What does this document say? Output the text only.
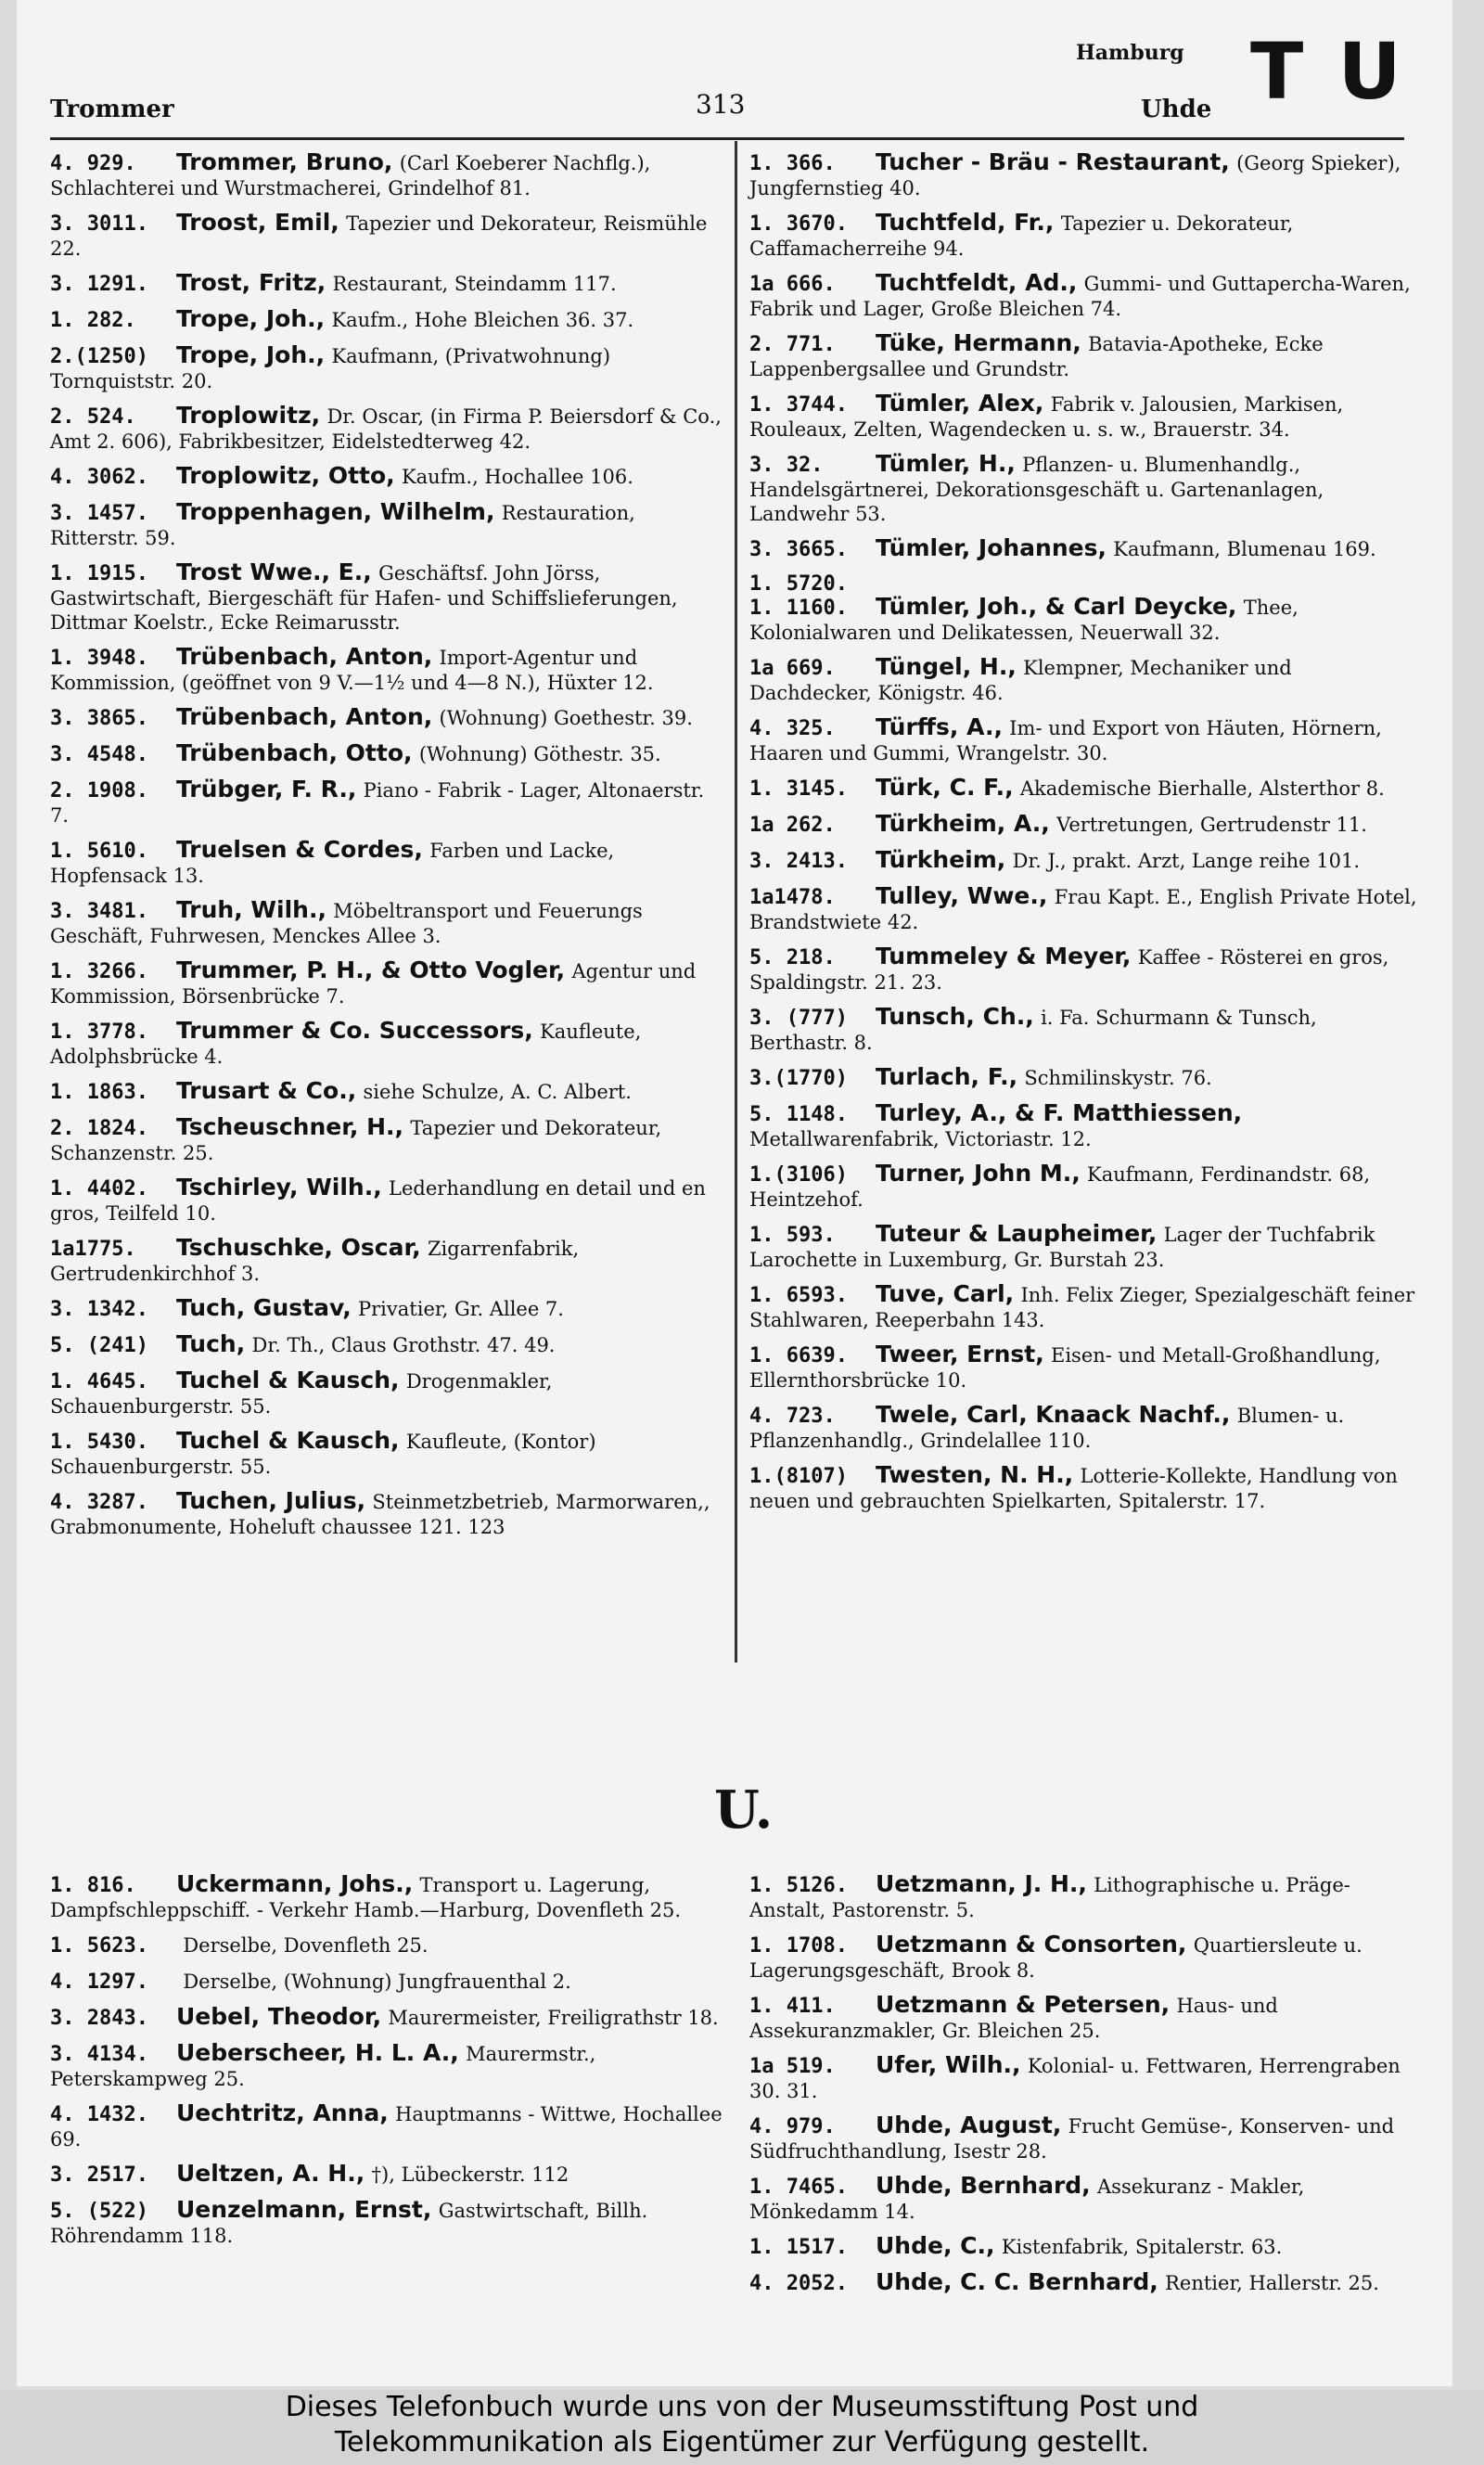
Trommer	313
Hamburg
Uhde T U
4. 929. Trommer, Bruno, (Carl Koeberer Nachflg.), Schlachterei und Wurstmacherei, Grindelhof 81.
3. 3011. Troost, Emil, Tapezier und Dekorateur, Reismühle 22.
3. 1291. Trost, Fritz, Restaurant, Steindamm 117.
1. 282. Trope, Joh., Kaufm., Hohe Bleichen 36. 37.
2.(1250) Trope, Joh., Kaufmann, (Privatwohnung) Tornquiststr. 20.
2. 524. Troplowitz, Dr. Oscar, (in Firma P. Beiersdorf & Co., Amt 2. 606), Fabrikbesitzer, Eidelstedterweg 42.
4. 3062. Troplowitz, Otto, Kaufm., Hochallee 106.
3. 1457. Troppenhagen, Wilhelm, Restauration, Ritterstr. 59.
1. 1915. Trost Wwe., E., Geschäftsf. John Jörss, Gastwirtschaft, Biergeschäft für Hafen- und Schiffslieferungen, Dittmar Koelstr., Ecke Reimarusstr.
1. 3948. Trübenbach, Anton, Import-Agentur und Kommission, (geöffnet von 9 V.—1½ und 4—8 N.), Hüxter 12.
3. 3865. Trübenbach, Anton, (Wohnung) Goethestr. 39.
3. 4548. Trübenbach, Otto, (Wohnung) Göthestr. 35.
2. 1908. Trübger, F. R., Piano - Fabrik - Lager, Altonaerstr. 7.
1. 5610. Truelsen & Cordes, Farben und Lacke, Hopfensack 13.
3. 3481. Truh, Wilh., Möbeltransport und Feuerungs Geschäft, Fuhrwesen, Menckes Allee 3.
1. 3266. Trummer, P. H., & Otto Vogler, Agentur und Kommission, Börsenbrücke 7.
1. 3778. Trummer & Co. Successors, Kaufleute, Adolphsbrücke 4.
1. 1863. Trusart & Co., siehe Schulze, A. C. Albert.
2. 1824. Tscheuschner, H., Tapezier und Dekorateur, Schanzenstr. 25.
1. 4402. Tschirley, Wilh., Lederhandlung en detail und en gros, Teilfeld 10.
1a1775. Tschuschke, Oscar, Zigarrenfabrik, Gertrudenkirchhof 3.
3. 1342. Tuch, Gustav, Privatier, Gr. Allee 7.
5. (241) Tuch, Dr. Th., Claus Grothstr. 47. 49.
1. 4645. Tuchel & Kausch, Drogenmakler, Schauenburgerstr. 55.
1. 5430. Tuchel & Kausch, Kaufleute, (Kontor) Schauenburgerstr. 55.
4. 3287. Tuchen, Julius, Steinmetzbetrieb, Marmorwaren,, Grabmonumente, Hoheluft chaussee 121. 123
1. 366. Tucher - Bräu - Restaurant, (Georg Spieker), Jungfernstieg 40.
1. 3670. Tuchtfeld, Fr., Tapezier u. Dekorateur, Caffamacherreihe 94.
1a 666. Tuchtfeldt, Ad., Gummi- und Guttapercha-Waren, Fabrik und Lager, Große Bleichen 74.
2. 771. Tüke, Hermann, Batavia-Apotheke, Ecke Lappenbergsallee und Grundstr.
1. 3744. Tümler, Alex, Fabrik v. Jalousien, Markisen, Rouleaux, Zelten, Wagendecken u. s. w., Brauerstr. 34.
3. 32. Tümler, H., Pflanzen- u. Blumenhandlg., Handelsgärtnerei, Dekorationsgeschäft u. Gartenanlagen, Landwehr 53.
3. 3665. Tümler, Johannes, Kaufmann, Blumenau 169.
1. 5720. 1. 1160. Tümler, Joh., & Carl Deycke, Thee, Kolonialwaren und Delikatessen, Neuerwall 32.
1a 669. Tüngel, H., Klempner, Mechaniker und Dachdecker, Königstr. 46.
4. 325. Türffs, A., Im- und Export von Häuten, Hörnern, Haaren und Gummi, Wrangelstr. 30.
1. 3145. Türk, C. F., Akademische Bierhalle, Alsterthor 8.
1a 262. Türkheim, A., Vertretungen, Gertrudenstr 11.
3. 2413. Türkheim, Dr. J., prakt. Arzt, Lange reihe 101.
1a1478. Tulley, Wwe., Frau Kapt. E., English Private Hotel, Brandstwiete 42.
5. 218. Tummeley & Meyer, Kaffee - Rösterei en gros, Spaldingstr. 21. 23.
3. (777) Tunsch, Ch., i. Fa. Schurmann & Tunsch, Berthastr. 8.
3.(1770) Turlach, F., Schmilinskystr. 76.
5. 1148. Turley, A., & F. Matthiessen, Metallwarenfabrik, Victoriastr. 12.
1.(3106) Turner, John M., Kaufmann, Ferdinandstr. 68, Heintzehof.
1. 593. Tuteur & Laupheimer, Lager der Tuchfabrik Larochette in Luxemburg, Gr. Burstah 23.
1. 6593. Tuve, Carl, Inh. Felix Zieger, Spezialgeschäft feiner Stahlwaren, Reeperbahn 143.
1. 6639. Tweer, Ernst, Eisen- und Metall-Großhandlung, Ellernthorsbrücke 10.
4. 723. Twele, Carl, Knaack Nachf., Blumen- u. Pflanzenhandlg., Grindelallee 110.
1.(8107) Twesten, N. H., Lotterie-Kollekte, Handlung von neuen und gebrauchten Spielkarten, Spitalerstr. 17.
U.
1. 816. Uckermann, Johs., Transport u. Lagerung, Dampfschleppschiff. - Verkehr Hamb.—Harburg, Dovenfleth 25.
1. 5623. Derselbe, Dovenfleth 25.
4. 1297. Derselbe, (Wohnung) Jungfrauenthal 2.
3. 2843. Uebel, Theodor, Maurermeister, Freiligrathstr 18.
3. 4134. Ueberscheer, H. L. A., Maurermstr., Peterskampweg 25.
4. 1432. Uechtritz, Anna, Hauptmanns - Wittwe, Hochallee 69.
3. 2517. Ueltzen, A. H., †), Lübeckerstr. 112
5. (522) Uenzelmann, Ernst, Gastwirtschaft, Billh. Röhrendamm 118.
1. 5126. Uetzmann, J. H., Lithographische u. Präge-Anstalt, Pastorenstr. 5.
1. 1708. Uetzmann & Consorten, Quartiersleute u. Lagerungsgeschäft, Brook 8.
1. 411. Uetzmann & Petersen, Haus- und Assekuranzmakler, Gr. Bleichen 25.
1a 519. Ufer, Wilh., Kolonial- u. Fettwaren, Herrengraben 30. 31.
4. 979. Uhde, August, Frucht Gemüse-, Konserven- und Südfruchthandlung, Isestr 28.
1. 7465. Uhde, Bernhard, Assekuranz - Makler, Mönkedamm 14.
1. 1517. Uhde, C., Kistenfabrik, Spitalerstr. 63.
4. 2052. Uhde, C. C. Bernhard, Rentier, Hallerstr. 25.
Dieses Telefonbuch wurde uns von der Museumsstiftung Post und
Telekommunikation als Eigentümer zur Verfügung gestellt.
